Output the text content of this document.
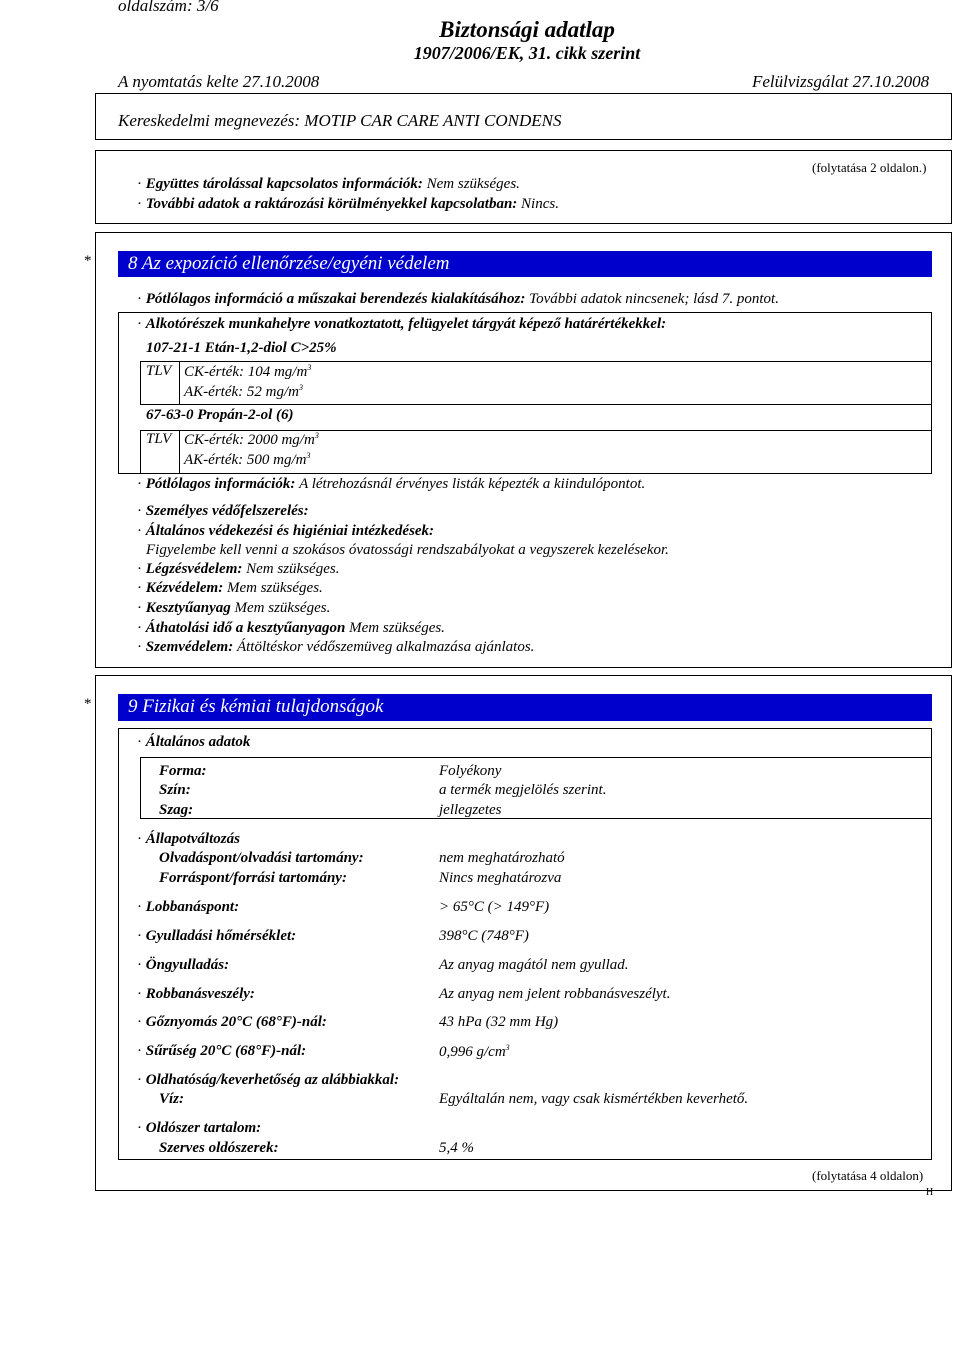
oldalszám: 3/6
Biztonsági adatlap
1907/2006/EK, 31. cikk szerint
A nyomtatás kelte 27.10.2008	Felülvizsgálat 27.10.2008
Kereskedelmi megnevezés: MOTIP CAR CARE ANTI CONDENS
(folytatása 2 oldalon.)
· Együttes tárolással kapcsolatos információk: Nem szükséges.
· További adatok a raktározási körülményekkel kapcsolatban: Nincs.
*	8 Az expozíció ellenőrzése/egyéni védelem
· Pótlólagos információ a műszakai berendezés kialakításához: További adatok nincsenek; lásd 7. pontot.
· Alkotórészek munkahelyre vonatkoztatott, felügyelet tárgyát képező határértékekkel:
107-21-1 Etán-1,2-diol C>25%
TLV CK-érték: 104 $mg/m^3$
AK-érték: 52 $mg/m^3$
67-63-0 Propán-2-ol (6)
TLV CK-érték: 2000 $mg/m^3$
AK-érték: 500 $mg/m^3$
· Pótlólagos információk: A létrehozásnál érvényes listák képezték a kiindulópontot.
· Személyes védőfelszerelés:
· Általános védekezési és higiéniai intézkedések:
Figyelembe kell venni a szokásos óvatossági rendszabályokat a vegyszerek kezelésekor.
· Légzésvédelem: Nem szükséges.
· Kézvédelem: Mem szükséges.
· Kesztyűanyag Mem szükséges.
· Áthatolási idő a kesztyűanyagon Mem szükséges.
· Szemvédelem: Áttöltéskor védőszemüveg alkalmazása ajánlatos.
*	9 Fizikai és kémiai tulajdonságok
· Általános adatok
Forma:	Folyékony
Szín:	a termék megjelölés szerint.
Szag:	jellegzetes
· Állapotváltozás
Olvadáspont/olvadási tartomány:	nem meghatározható
Forráspont/forrási tartomány:	Nincs meghatározva
· Lobbanáspont:	> 65°C (> 149°F)
· Gyulladási hőmérséklet:	398°C (748°F)
· Öngyulladás:	Az anyag magától nem gyullad.
· Robbanásveszély:	Az anyag nem jelent robbanásveszélyt.
· Gőznyomás 20°C (68°F)-nál:	43 hPa (32 mm Hg)
· Sűrűség 20°C (68°F)-nál:	0,996 $g/cm^3$
· Oldhatóság/keverhetőség az alábbiakkal:
Víz:	Egyáltalán nem, vagy csak kismértékben keverhető.
· Oldószer tartalom:
Szerves oldószerek:	5,4 %
(folytatása 4 oldalon)
H
